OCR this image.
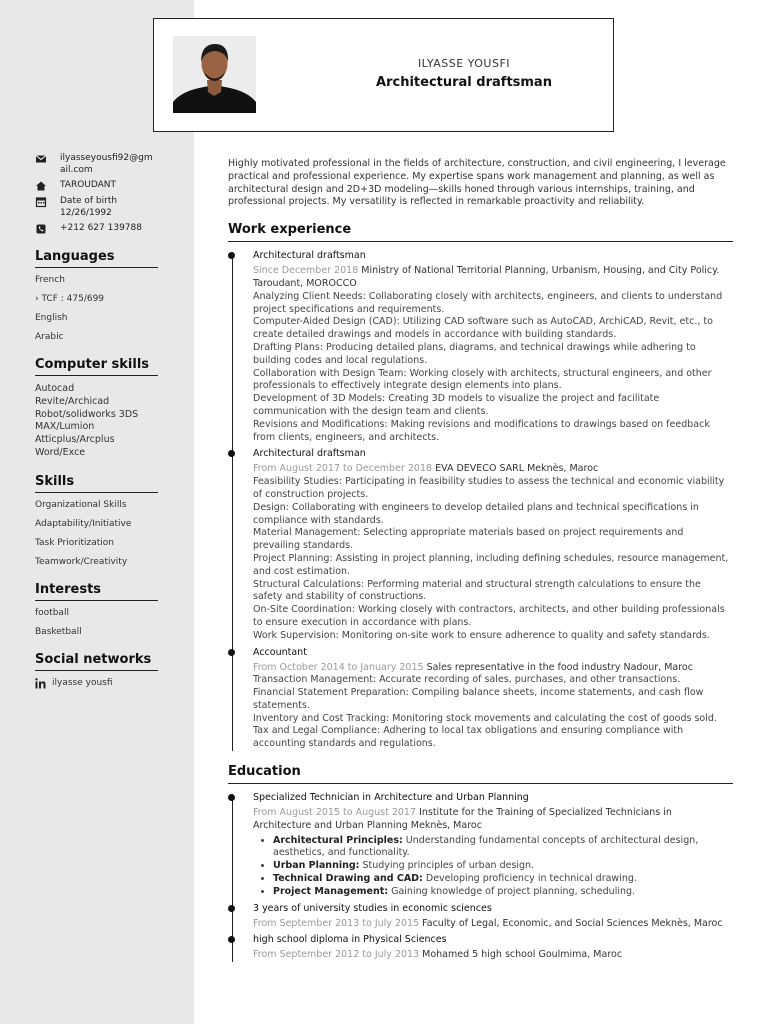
ILYASSE YOUSFI
Architectural draftsman
ilyasseyousfi92@gmail.com
TAROUDANT
Date of birth
12/26/1992
+212 627 139788
Languages
French
› TCF : 475/699
English
Arabic
Computer skills
Autocad
Revite/Archicad
Robot/solidworks 3DS MAX/Lumion
Atticplus/Arcplus
Word/Exce
Skills
Organizational Skills
Adaptability/Initiative
Task Prioritization
Teamwork/Creativity
Interests
football
Basketball
Social networks
ilyasse yousfi

Highly motivated professional in the fields of architecture, construction, and civil engineering, I leverage practical and professional experience. My expertise spans work management and planning, as well as architectural design and 2D+3D modeling—skills honed through various internships, training, and professional projects. My versatility is reflected in remarkable proactivity and reliability.

Work experience
Architectural draftsman
Since December 2018 Ministry of National Territorial Planning, Urbanism, Housing, and City Policy. Taroudant, MOROCCO
Analyzing Client Needs: Collaborating closely with architects, engineers, and clients to understand project specifications and requirements.
Computer-Aided Design (CAD): Utilizing CAD software such as AutoCAD, ArchiCAD, Revit, etc., to create detailed drawings and models in accordance with building standards.
Drafting Plans: Producing detailed plans, diagrams, and technical drawings while adhering to building codes and local regulations.
Collaboration with Design Team: Working closely with architects, structural engineers, and other professionals to effectively integrate design elements into plans.
Development of 3D Models: Creating 3D models to visualize the project and facilitate communication with the design team and clients.
Revisions and Modifications: Making revisions and modifications to drawings based on feedback from clients, engineers, and architects.
Architectural draftsman
From August 2017 to December 2018 EVA DEVECO SARL Meknès, Maroc
Feasibility Studies: Participating in feasibility studies to assess the technical and economic viability of construction projects.
Design: Collaborating with engineers to develop detailed plans and technical specifications in compliance with standards.
Material Management: Selecting appropriate materials based on project requirements and prevailing standards.
Project Planning: Assisting in project planning, including defining schedules, resource management, and cost estimation.
Structural Calculations: Performing material and structural strength calculations to ensure the safety and stability of constructions.
On-Site Coordination: Working closely with contractors, architects, and other building professionals to ensure execution in accordance with plans.
Work Supervision: Monitoring on-site work to ensure adherence to quality and safety standards.
Accountant
From October 2014 to January 2015 Sales representative in the food industry Nadour, Maroc
Transaction Management: Accurate recording of sales, purchases, and other transactions.
Financial Statement Preparation: Compiling balance sheets, income statements, and cash flow statements.
Inventory and Cost Tracking: Monitoring stock movements and calculating the cost of goods sold.
Tax and Legal Compliance: Adhering to local tax obligations and ensuring compliance with accounting standards and regulations.
Education
Specialized Technician in Architecture and Urban Planning
From August 2015 to August 2017 Institute for the Training of Specialized Technicians in Architecture and Urban Planning Meknès, Maroc
• Architectural Principles: Understanding fundamental concepts of architectural design, aesthetics, and functionality.
• Urban Planning: Studying principles of urban design.
• Technical Drawing and CAD: Developing proficiency in technical drawing.
• Project Management: Gaining knowledge of project planning, scheduling.
3 years of university studies in economic sciences
From September 2013 to July 2015 Faculty of Legal, Economic, and Social Sciences Meknès, Maroc
high school diploma in Physical Sciences
From September 2012 to July 2013 Mohamed 5 high school Goulmima, Maroc
